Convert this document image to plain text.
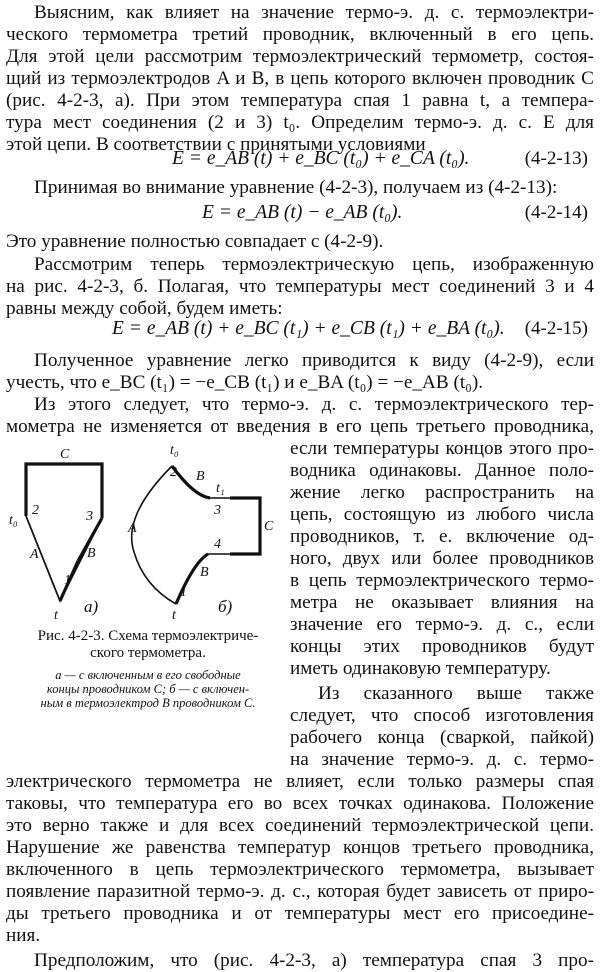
Выясним, как влияет на значение термо-э. д. с. термоэлектри-
ческого термометра третий проводник, включенный в его цепь.
Для этой цели рассмотрим термоэлектрический термометр, состоя-
щий из термоэлектродов A и B, в цепь которого включен проводник C
(рис. 4-2-3, a). При этом температура спая 1 равна t, а темпера-
тура мест соединения (2 и 3) t₀. Определим термо-э. д. с. E для
этой цепи. В соответствии с принятыми условиями
E = e_AB (t) + e_BC (t₀) + e_CA (t₀).	(4-2-13)
Принимая во внимание уравнение (4-2-3), получаем из (4-2-13):
E = e_AB (t) − e_AB (t₀).	(4-2-14)
Это уравнение полностью совпадает с (4-2-9).
Рассмотрим теперь термоэлектрическую цепь, изображенную
на рис. 4-2-3, б. Полагая, что температуры мест соединений 3 и 4
равны между собой, будем иметь:
E = e_AB (t) + e_BC (t₁) + e_CB (t₁) + e_BA (t₀). (4-2-15)
Полученное уравнение легко приводится к виду (4-2-9), если
учесть, что e_BC (t₁) = −e_CB (t₁) и e_BA (t₀) = −e_AB (t₀).
Из этого следует, что термо-э. д. с. термоэлектрического тер-
мометра не изменяется от введения в его цепь третьего проводника,
если температуры концов этого про-
водника одинаковы. Данное поло-
жение легко распространить на
цепь, состоящую из любого числа
проводников, т. е. включение од-
ного, двух или более проводников
в цепь термоэлектрического термо-
метра не оказывает влияния на
значение его термо-э. д. с., если
концы этих проводников будут
иметь одинаковую температуру.
Из сказанного выше также
следует, что способ изготовления
рабочего конца (сваркой, пайкой)
на значение термо-э. д. с. термо-
электрического термометра не влияет, если только размеры спая
таковы, что температура его во всех точках одинакова. Положение
это верно также и для всех соединений термоэлектрической цепи.
Нарушение же равенства температур концов третьего проводника,
включенного в цепь термоэлектрического термометра, вызывает
появление паразитной термо-э. д. с., которая будет зависеть от приро-
ды третьего проводника и от температуры мест его присоедине-
ния.
Предположим, что (рис. 4-2-3, a) температура спая 3 про-
C
t₀
2	3
A	B
1
t a)
t₀
2 B
t₁
3
A	C
4
B
1
t б)
Рис. 4-2-3. Схема термоэлектриче-
ского термометра.
a — с включенным в его свободные
концы проводником C; б — с включен-
ным в термоэлектрод B проводником C.
